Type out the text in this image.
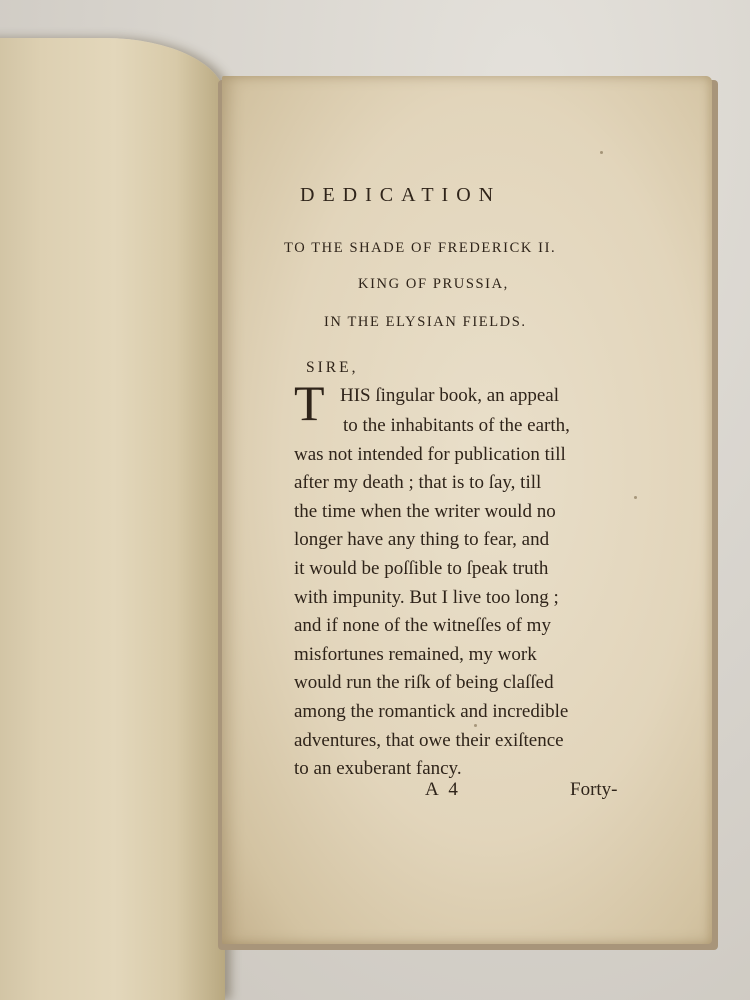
DEDICATION
TO THE SHADE OF FREDERICK II.
KING OF PRUSSIA,
IN THE ELYSIAN FIELDS.
SIRE,
T HIS ſingular book, an appeal
to the inhabitants of the earth,
was not intended for publication till
after my death ; that is to ſay, till
the time when the writer would no
longer have any thing to fear, and
it would be poſſible to ſpeak truth
with impunity. But I live too long ;
and if none of the witneſſes of my
misfortunes remained, my work
would run the riſk of being claſſed
among the romantick and incredible
adventures, that owe their exiſtence
to an exuberant fancy.
A 4	Forty-
